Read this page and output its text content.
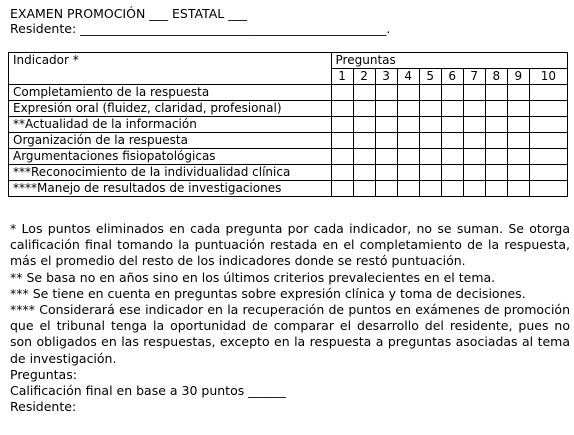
EXAMEN PROMOCIÓN ___ ESTATAL ___
Residente: _________________________________________________.
Indicador *	Preguntas									
	1	2	3	4	5	6	7	8	9	10
Completamiento de la respuesta										
Expresión oral (fluidez, claridad, profesional)										
**Actualidad de la información										
Organización de la respuesta										
Argumentaciones fisiopatológicas										
***Reconocimiento de la individualidad clínica										
****Manejo de resultados de investigaciones										

* Los puntos eliminados en cada pregunta por cada indicador, no se suman. Se otorga calificación final tomando la puntuación restada en el completamiento de la respuesta, más el promedio del resto de los indicadores donde se restó puntuación.

** Se basa no en años sino en los últimos criterios prevalecientes en el tema.

*** Se tiene en cuenta en preguntas sobre expresión clínica y toma de decisiones.

**** Considerará ese indicador en la recuperación de puntos en exámenes de promoción que el tribunal tenga la oportunidad de comparar el desarrollo del residente, pues no son obligados en las respuestas, excepto en la respuesta a preguntas asociadas al tema de investigación.

Preguntas:

Calificación final en base a 30 puntos ______

Residente:
